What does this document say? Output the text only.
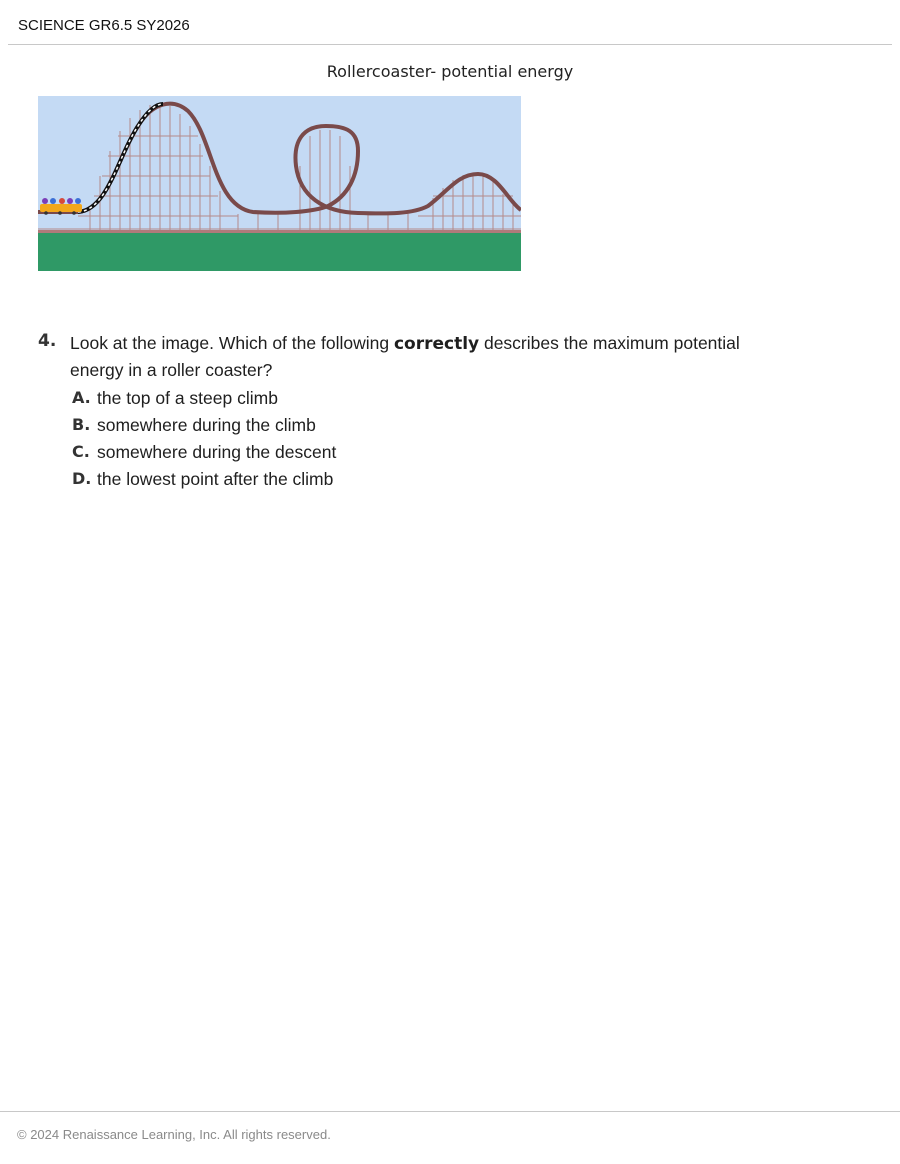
SCIENCE GR6.5 SY2026
Rollercoaster- potential energy
4. Look at the image. Which of the following correctly describes the maximum potential energy in a roller coaster?
A. the top of a steep climb
B. somewhere during the climb
C. somewhere during the descent
D. the lowest point after the climb
© 2024 Renaissance Learning, Inc. All rights reserved.
